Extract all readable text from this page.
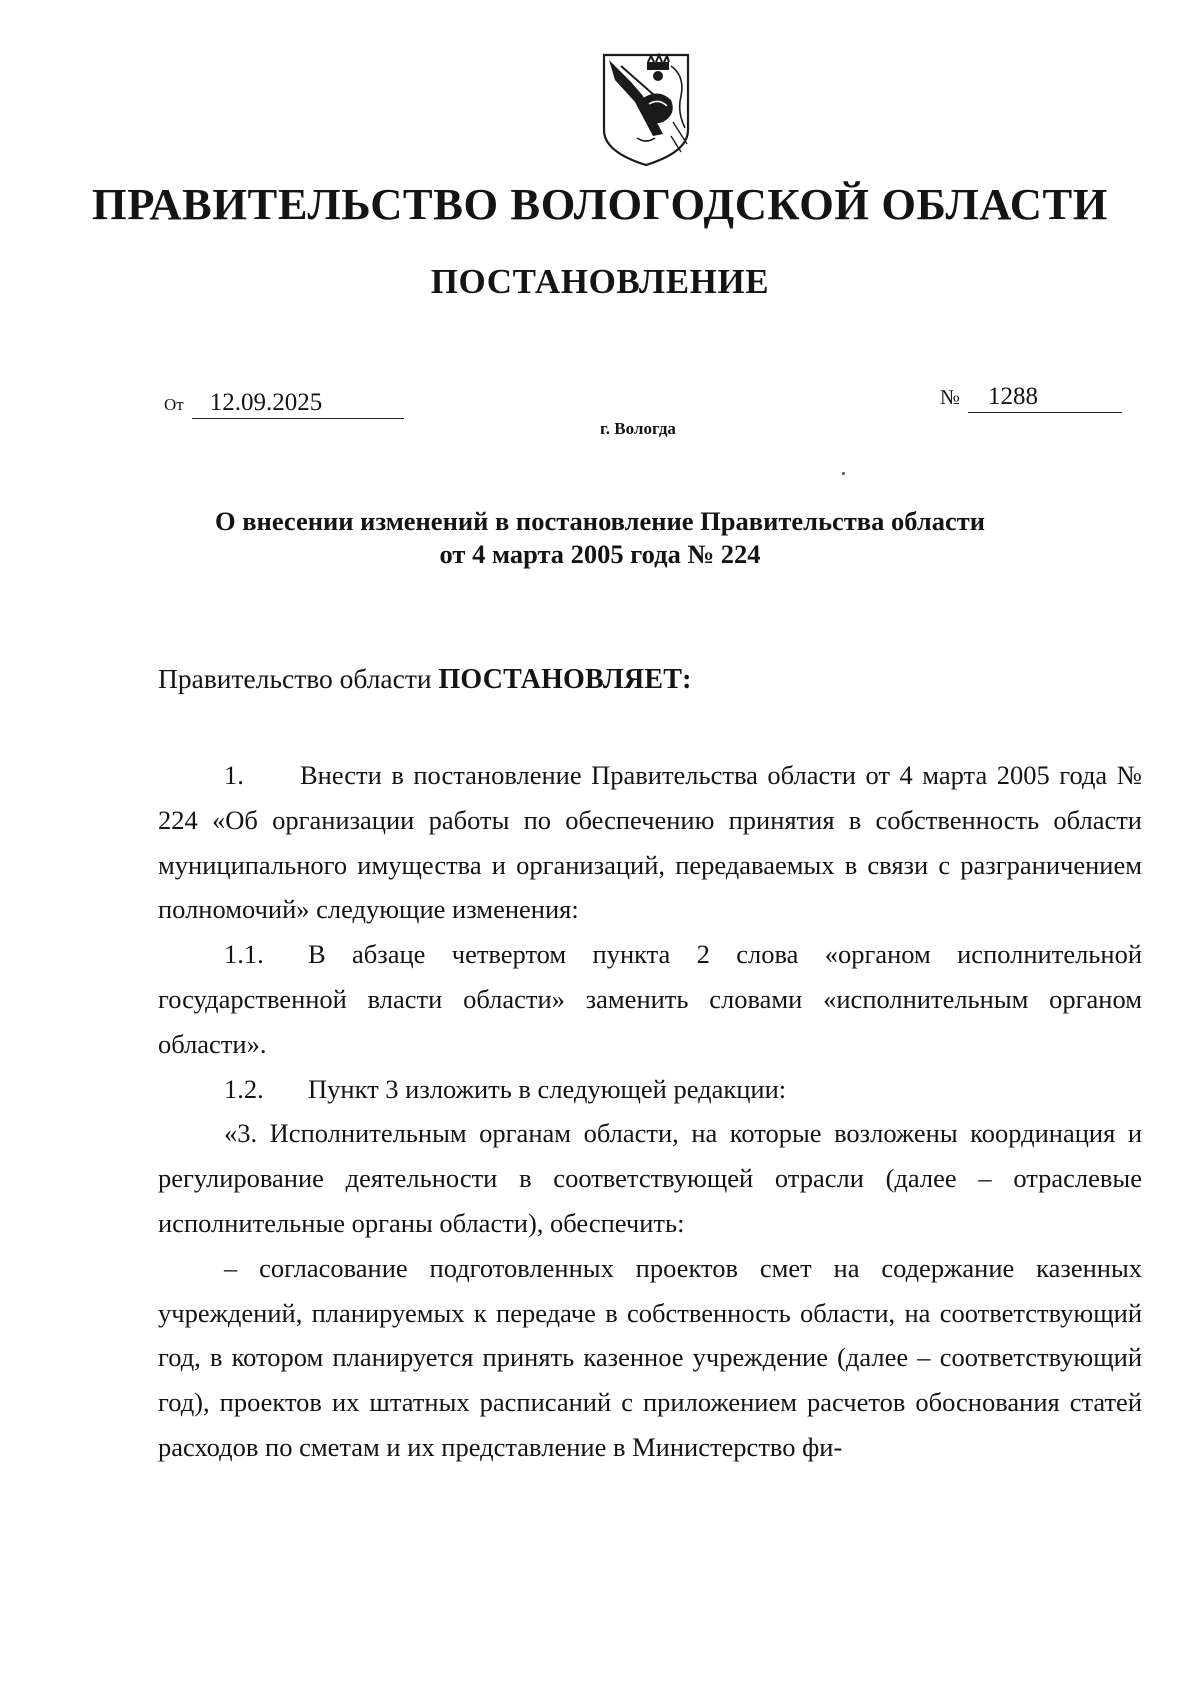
ПРАВИТЕЛЬСТВО ВОЛОГОДСКОЙ ОБЛАСТИ
ПОСТАНОВЛЕНИЕ
От 12.09.2025	№ 1288
г. Вологда
О внесении изменений в постановление Правительства области
от 4 марта 2005 года № 224
Правительство области ПОСТАНОВЛЯЕТ:

1. Внести в постановление Правительства области от 4 марта 2005 года № 224 «Об организации работы по обеспечению принятия в собственность области муниципального имущества и организаций, передаваемых в связи с разграничением полномочий» следующие изменения:

1.1. В абзаце четвертом пункта 2 слова «органом исполнительной государственной власти области» заменить словами «исполнительным органом области».

1.2. Пункт 3 изложить в следующей редакции:

«3. Исполнительным органам области, на которые возложены координация и регулирование деятельности в соответствующей отрасли (далее – отраслевые исполнительные органы области), обеспечить:

– согласование подготовленных проектов смет на содержание казенных учреждений, планируемых к передаче в собственность области, на соответствующий год, в котором планируется принять казенное учреждение (далее – соответствующий год), проектов их штатных расписаний с приложением расчетов обоснования статей расходов по сметам и их представление в Министерство фи-
